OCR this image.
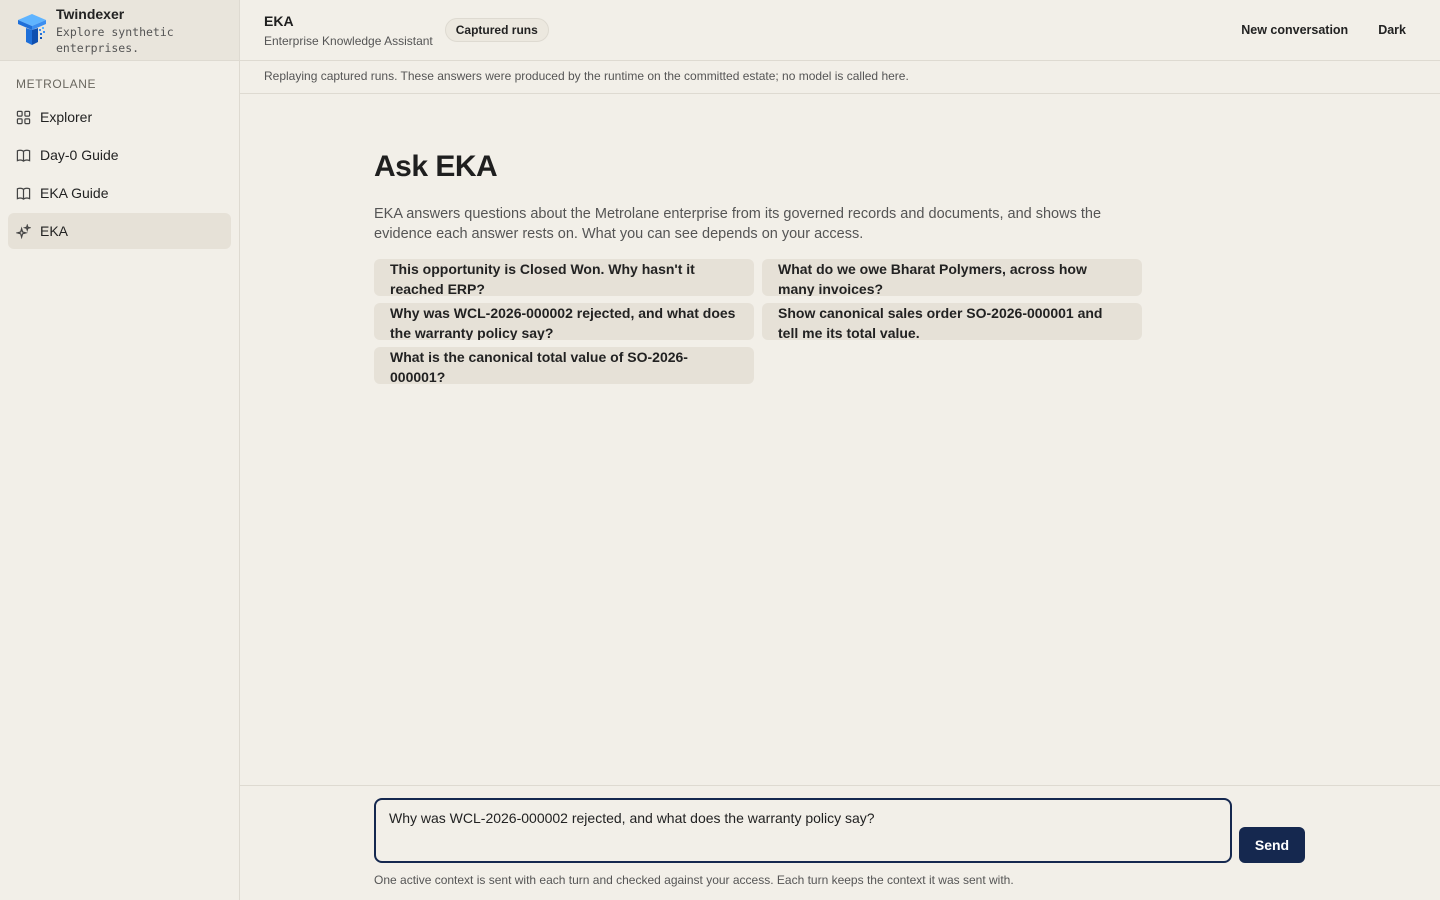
Twindexer
Explore synthetic enterprises.
METROLANE
Explorer
Day-0 Guide
EKA Guide
EKA
EKA
Enterprise Knowledge Assistant
Captured runs	New conversation	Dark
Replaying captured runs. These answers were produced by the runtime on the committed estate; no model is called here.
Ask EKA

EKA answers questions about the Metrolane enterprise from its governed records and documents, and shows the evidence each answer rests on. What you can see depends on your access.

This opportunity is Closed Won. Why hasn't it reached ERP?
What do we owe Bharat Polymers, across how many invoices?
Why was WCL-2026-000002 rejected, and what does the warranty policy say?
Show canonical sales order SO-2026-000001 and tell me its total value.
What is the canonical total value of SO-2026-000001?
Why was WCL-2026-000002 rejected, and what does the warranty policy say?
Send
One active context is sent with each turn and checked against your access. Each turn keeps the context it was sent with.
